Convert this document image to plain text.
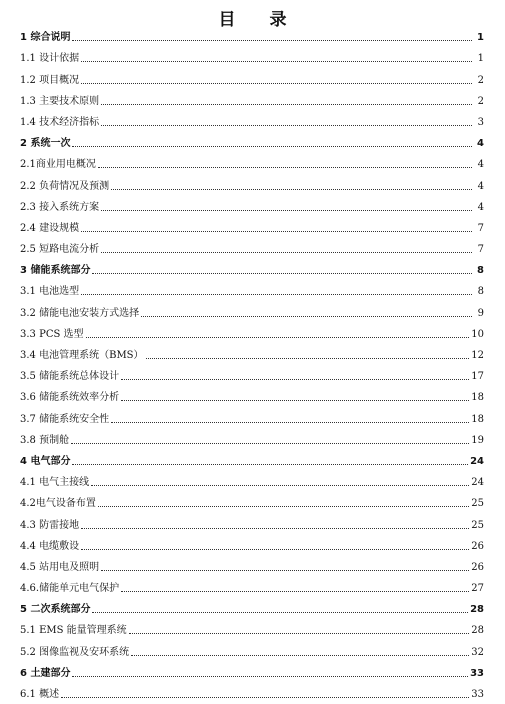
目 录
1 综合说明	1
1.1 设计依据	1
1.2 项目概况	2
1.3 主要技术原则	2
1.4 技术经济指标	3
2 系统一次	4
2.1 商业用电概况	4
2.2 负荷情况及预测	4
2.3 接入系统方案	4
2.4 建设规模	7
2.5 短路电流分析	7
3 储能系统部分	8
3.1 电池选型	8
3.2 储能电池安装方式选择	9
3.3 PCS 选型	10
3.4 电池管理系统（BMS）	12
3.5 储能系统总体设计	17
3.6 储能系统效率分析	18
3.7 储能系统安全性	18
3.8 预制舱	19
4 电气部分	24
4.1 电气主接线	24
4.2 电气设备布置	25
4.3 防雷接地	25
4.4 电缆敷设	26
4.5 站用电及照明	26
4.6. 储能单元电气保护	27
5 二次系统部分	28
5.1 EMS 能量管理系统	28
5.2 图像监视及安环系统	32
6 土建部分	33
6.1 概述	33
